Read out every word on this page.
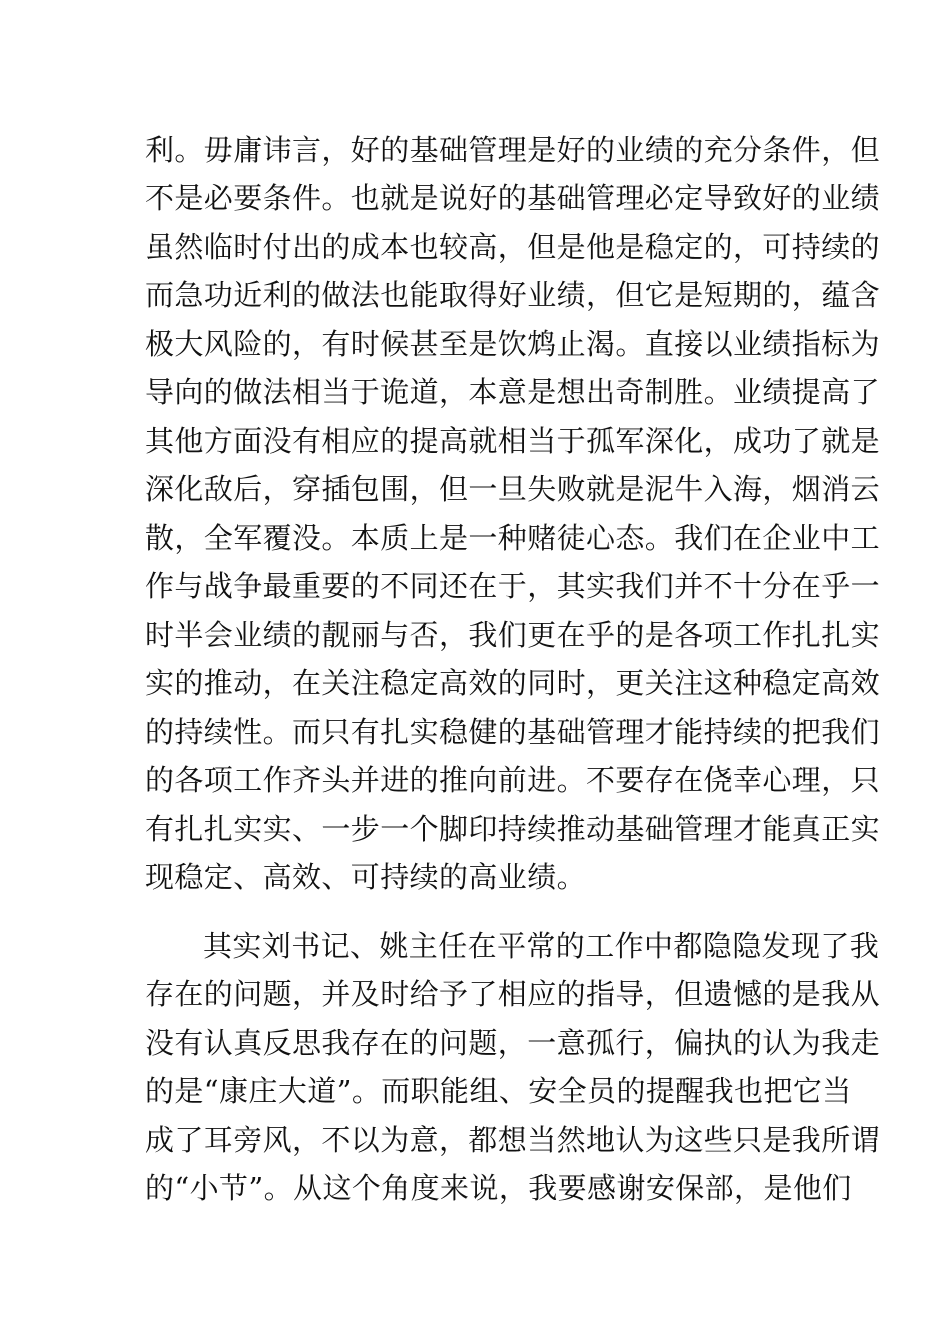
利。毋庸讳言，好的基础管理是好的业绩的充分条件，但
不是必要条件。也就是说好的基础管理必定导致好的业绩
虽然临时付出的成本也较高，但是他是稳定的，可持续的
而急功近利的做法也能取得好业绩，但它是短期的，蕴含
极大风险的，有时候甚至是饮鸩止渴。直接以业绩指标为
导向的做法相当于诡道，本意是想出奇制胜。业绩提高了
其他方面没有相应的提高就相当于孤军深化，成功了就是
深化敌后，穿插包围，但一旦失败就是泥牛入海，烟消云
散，全军覆没。本质上是一种赌徒心态。我们在企业中工
作与战争最重要的不同还在于，其实我们并不十分在乎一
时半会业绩的靓丽与否，我们更在乎的是各项工作扎扎实
实的推动，在关注稳定高效的同时，更关注这种稳定高效
的持续性。而只有扎实稳健的基础管理才能持续的把我们
的各项工作齐头并进的推向前进。不要存在侥幸心理，只
有扎扎实实、一步一个脚印持续推动基础管理才能真正实
现稳定、高效、可持续的高业绩。
其实刘书记、姚主任在平常的工作中都隐隐发现了我
存在的问题，并及时给予了相应的指导，但遗憾的是我从
没有认真反思我存在的问题，一意孤行，偏执的认为我走
的是“康庄大道”。而职能组、安全员的提醒我也把它当
成了耳旁风，不以为意，都想当然地认为这些只是我所谓
的“小节”。从这个角度来说，我要感谢安保部，是他们
